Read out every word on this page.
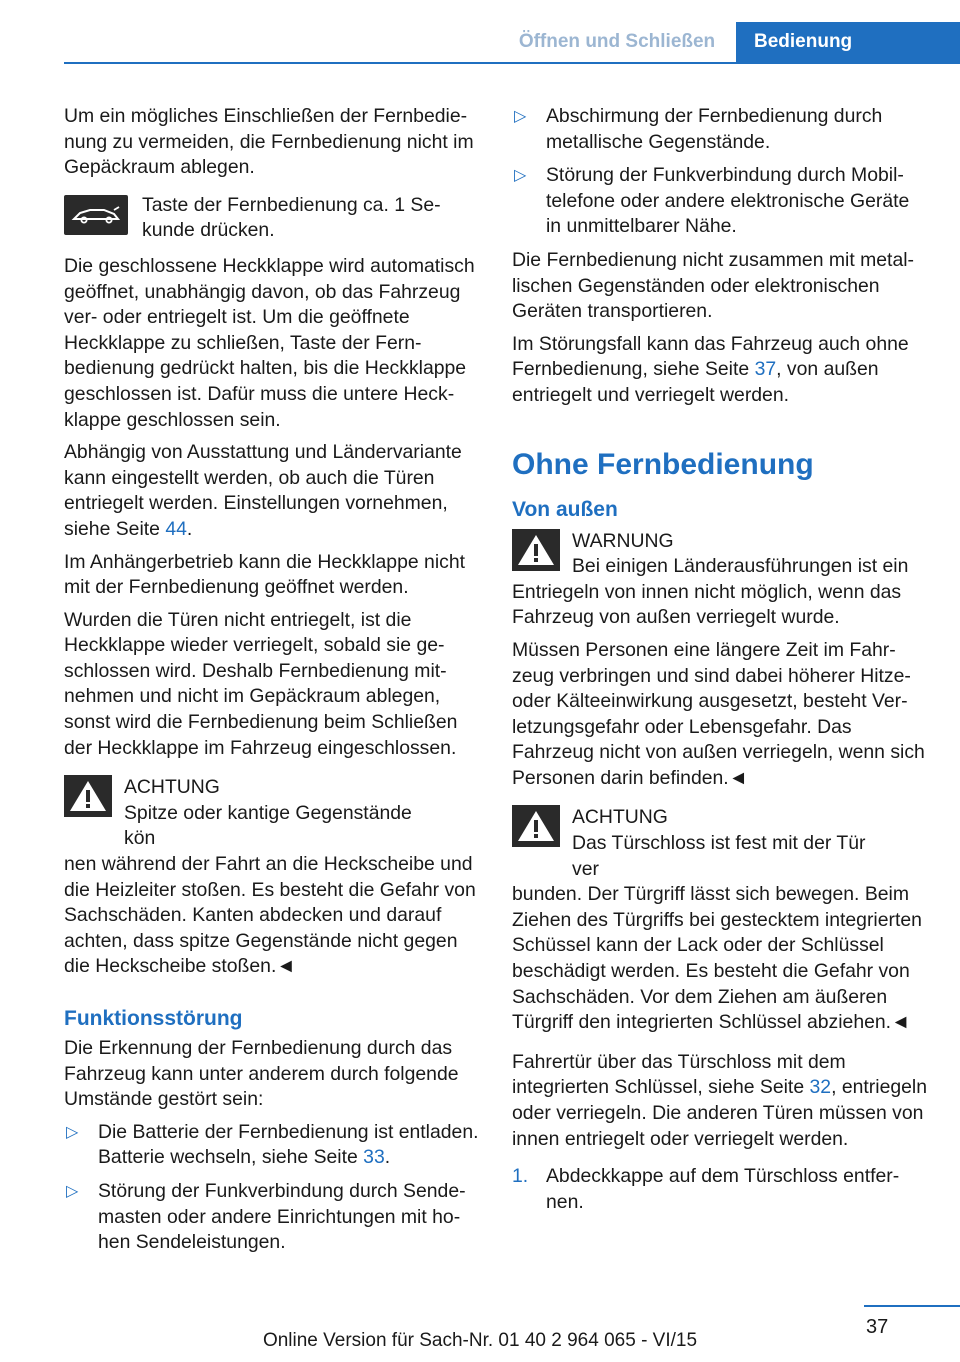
Öffnen und Schließen	Bedienung
Um ein mögliches Einschließen der Fernbedienung zu vermeiden, die Fernbedienung nicht im Gepäckraum ablegen.
Taste der Fernbedienung ca. 1 Sekunde drücken.
Die geschlossene Heckklappe wird automatisch geöffnet, unabhängig davon, ob das Fahrzeug ver- oder entriegelt ist. Um die geöffnete Heckklappe zu schließen, Taste der Fernbedienung gedrückt halten, bis die Heckklappe geschlossen ist. Dafür muss die untere Heckklappe geschlossen sein.
Abhängig von Ausstattung und Ländervariante kann eingestellt werden, ob auch die Türen entriegelt werden. Einstellungen vornehmen, siehe Seite 44.
Im Anhängerbetrieb kann die Heckklappe nicht mit der Fernbedienung geöffnet werden.
Wurden die Türen nicht entriegelt, ist die Heckklappe wieder verriegelt, sobald sie geschlossen wird. Deshalb Fernbedienung mitnehmen und nicht im Gepäckraum ablegen, sonst wird die Fernbedienung beim Schließen der Heckklappe im Fahrzeug eingeschlossen.
ACHTUNG
Spitze oder kantige Gegenstände kön
nen während der Fahrt an die Heckscheibe und die Heizleiter stoßen. Es besteht die Gefahr von Sachschäden. Kanten abdecken und darauf achten, dass spitze Gegenstände nicht gegen die Heckscheibe stoßen.◄
Funktionsstörung
Die Erkennung der Fernbedienung durch das Fahrzeug kann unter anderem durch folgende Umstände gestört sein:
▷	Die Batterie der Fernbedienung ist entladen. Batterie wechseln, siehe Seite 33.
▷	Störung der Funkverbindung durch Sendemasten oder andere Einrichtungen mit hohen Sendeleistungen.
▷	Abschirmung der Fernbedienung durch metallische Gegenstände.
▷	Störung der Funkverbindung durch Mobiltelefone oder andere elektronische Geräte in unmittelbarer Nähe.
Die Fernbedienung nicht zusammen mit metallischen Gegenständen oder elektronischen Geräten transportieren.
Im Störungsfall kann das Fahrzeug auch ohne Fernbedienung, siehe Seite 37, von außen entriegelt und verriegelt werden.
Ohne Fernbedienung
Von außen
WARNUNG
Bei einigen Länderausführungen ist ein
Entriegeln von innen nicht möglich, wenn das Fahrzeug von außen verriegelt wurde.
Müssen Personen eine längere Zeit im Fahrzeug verbringen und sind dabei höherer Hitze- oder Kälteeinwirkung ausgesetzt, besteht Verletzungsgefahr oder Lebensgefahr. Das Fahrzeug nicht von außen verriegeln, wenn sich Personen darin befinden.◄
ACHTUNG
Das Türschloss ist fest mit der Tür ver
bunden. Der Türgriff lässt sich bewegen. Beim Ziehen des Türgriffs bei gestecktem integrierten Schüssel kann der Lack oder der Schlüssel beschädigt werden. Es besteht die Gefahr von Sachschäden. Vor dem Ziehen am äußeren Türgriff den integrierten Schlüssel abziehen.◄
Fahrertür über das Türschloss mit dem integrierten Schlüssel, siehe Seite 32, entriegeln oder verriegeln. Die anderen Türen müssen von innen entriegelt oder verriegelt werden.
1. Abdeckkappe auf dem Türschloss entfernen.
37
Online Version für Sach-Nr. 01 40 2 964 065 - VI/15
